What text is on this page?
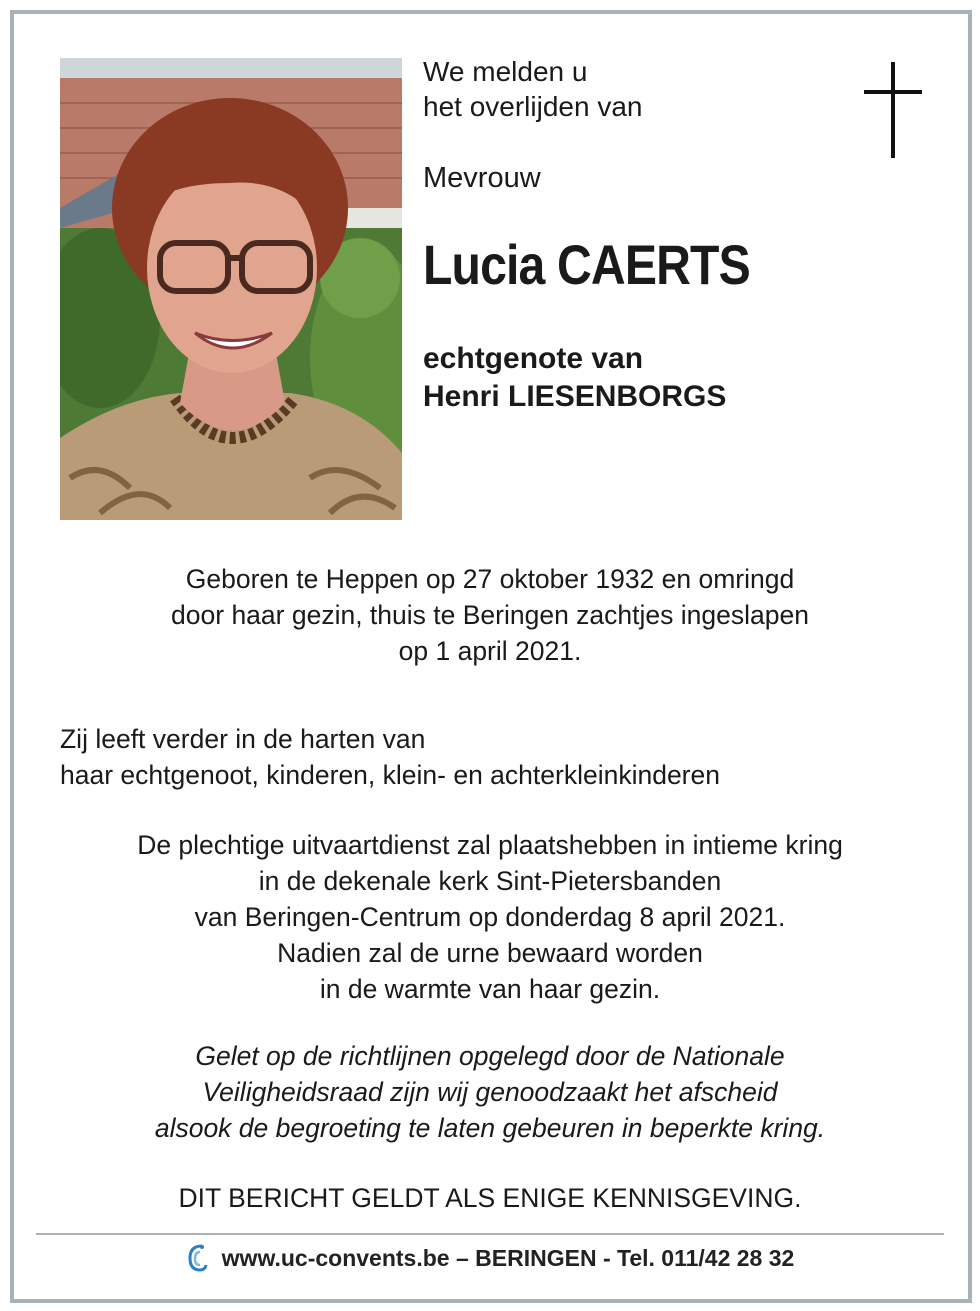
We melden u
het overlijden van
Mevrouw
Lucia CAERTS
echtgenote van
Henri LIESENBORGS
Geboren te Heppen op 27 oktober 1932 en omringd
door haar gezin, thuis te Beringen zachtjes ingeslapen
op 1 april 2021.
Zij leeft verder in de harten van
haar echtgenoot, kinderen, klein- en achterkleinkinderen
De plechtige uitvaartdienst zal plaatshebben in intieme kring
in de dekenale kerk Sint-Pietersbanden
van Beringen-Centrum op donderdag 8 april 2021.
Nadien zal de urne bewaard worden
in de warmte van haar gezin.
Gelet op de richtlijnen opgelegd door de Nationale
Veiligheidsraad zijn wij genoodzaakt het afscheid
alsook de begroeting te laten gebeuren in beperkte kring.
DIT BERICHT GELDT ALS ENIGE KENNISGEVING.
www.uc-convents.be – BERINGEN - Tel. 011/42 28 32
